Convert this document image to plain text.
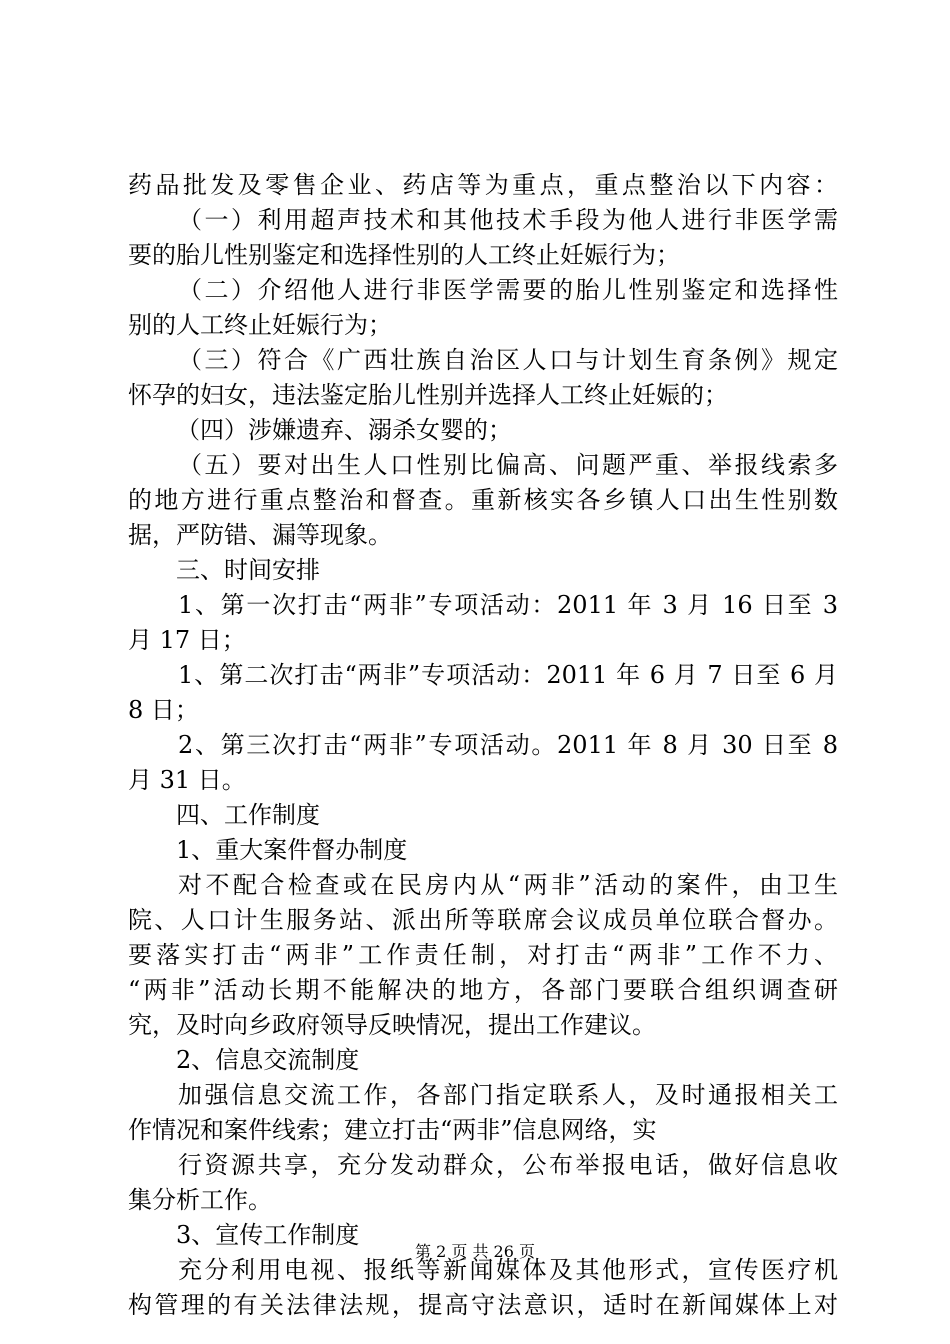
药品批发及零售企业、药店等为重点，重点整治以下内容：
（一）利用超声技术和其他技术手段为他人进行非医学需
要的胎儿性别鉴定和选择性别的人工终止妊娠行为；
（二）介绍他人进行非医学需要的胎儿性别鉴定和选择性
别的人工终止妊娠行为；
（三）符合《广西壮族自治区人口与计划生育条例》规定
怀孕的妇女，违法鉴定胎儿性别并选择人工终止妊娠的；
（四）涉嫌遗弃、溺杀女婴的；
（五）要对出生人口性别比偏高、问题严重、举报线索多
的地方进行重点整治和督查。重新核实各乡镇人口出生性别数
据，严防错、漏等现象。
三、时间安排
1、第一次打击“两非”专项活动：2011 年 3 月 16 日至 3
月 17 日；
1、第二次打击“两非”专项活动：2011 年 6 月 7 日至 6 月
8 日；
2、第三次打击“两非”专项活动。2011 年 8 月 30 日至 8
月 31 日。
四、工作制度
1、重大案件督办制度
对不配合检查或在民房内从“两非”活动的案件，由卫生
院、人口计生服务站、派出所等联席会议成员单位联合督办。
要落实打击“两非”工作责任制，对打击“两非”工作不力、
“两非”活动长期不能解决的地方，各部门要联合组织调查研
究，及时向乡政府领导反映情况，提出工作建议。
2、信息交流制度
加强信息交流工作，各部门指定联系人，及时通报相关工
作情况和案件线索；建立打击“两非”信息网络，实
行资源共享，充分发动群众，公布举报电话，做好信息收
集分析工作。
3、宣传工作制度
充分利用电视、报纸等新闻媒体及其他形式，宣传医疗机
构管理的有关法律法规，提高守法意识，适时在新闻媒体上对
第 2 页 共 26 页
